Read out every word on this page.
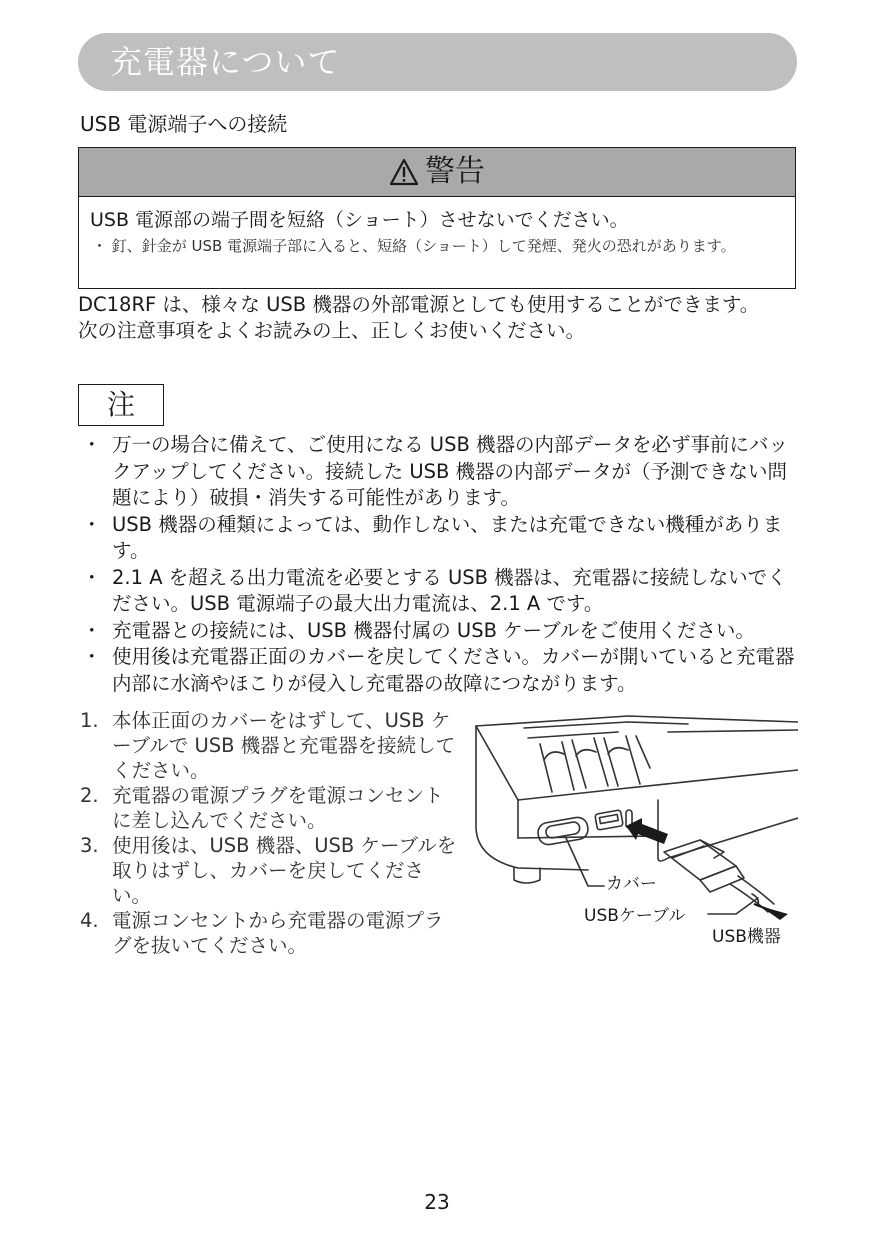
充電器について
USB 電源端子への接続
警告
USB 電源部の端子間を短絡（ショート）させないでください。
・ 釘、針金が USB 電源端子部に入ると、短絡（ショート）して発煙、発火の恐れがあります。
DC18RF は、様々な USB 機器の外部電源としても使用することができます。
次の注意事項をよくお読みの上、正しくお使いください。
注
・ 万一の場合に備えて、ご使用になる USB 機器の内部データを必ず事前にバックアップしてください。接続した USB 機器の内部データが（予測できない問題により）破損・消失する可能性があります。
・ USB 機器の種類によっては、動作しない、または充電できない機種があります。
・ 2.1 A を超える出力電流を必要とする USB 機器は、充電器に接続しないでください。USB 電源端子の最大出力電流は、2.1 A です。
・ 充電器との接続には、USB 機器付属の USB ケーブルをご使用ください。
・ 使用後は充電器正面のカバーを戻してください。カバーが開いていると充電器内部に水滴やほこりが侵入し充電器の故障につながります。
1. 本体正面のカバーをはずして、USB ケーブルで USB 機器と充電器を接続してください。
2. 充電器の電源プラグを電源コンセントに差し込んでください。
3. 使用後は、USB 機器、USB ケーブルを取りはずし、カバーを戻してください。
4. 電源コンセントから充電器の電源プラグを抜いてください。
カバー
USBケーブル
USB機器
23
